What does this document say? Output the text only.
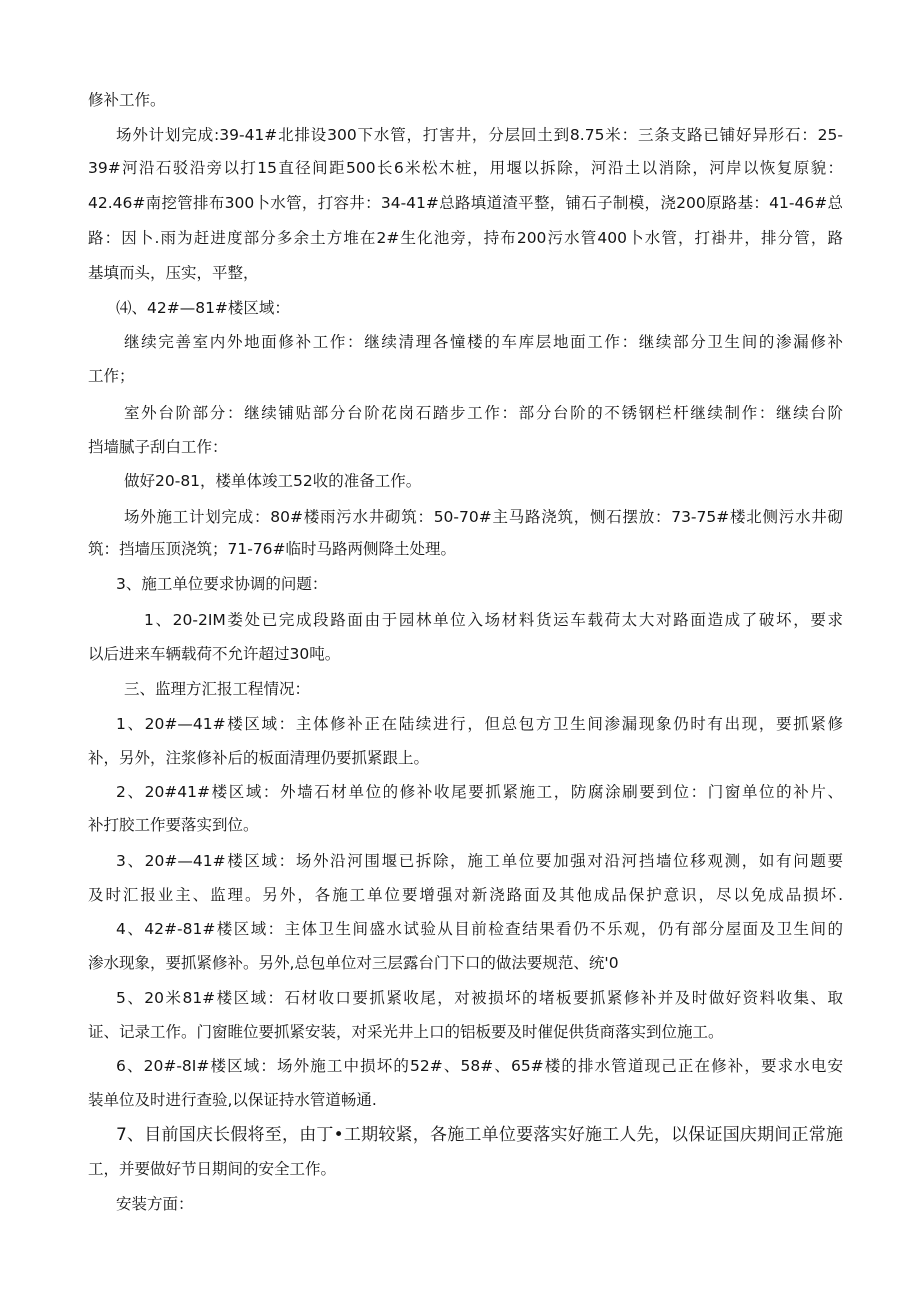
修补工作。

场外计划完成:39-41#北排设300下水管，打害井，分层回土到8.75米：三条支路已铺好异形石：25-

39#河沿石驳沿旁以打15直径间距500长6米松木桩，用堰以拆除，河沿土以消除，河岸以恢复原貌：

42.46#南挖管排布300卜水管，打容井：34-41#总路填道渣平整，铺石子制模，浇200原路基：41-46#总

路：因卜.雨为赶进度部分多余土方堆在2#生化池旁，持布200污水管400卜水管，打褂井，排分管，路

基填而头，压实，平整，

⑷、42#—81#楼区域：

继续完善室内外地面修补工作：继续清理各憧楼的车库层地面工作：继续部分卫生间的渗漏修补

工作；

室外台阶部分：继续铺贴部分台阶花岗石踏步工作：部分台阶的不锈钢栏杆继续制作：继续台阶

挡墙腻子刮白工作：

做好20-81，楼单体竣工52收的准备工作。

场外施工计划完成：80#楼雨污水井砌筑：50-70#主马路浇筑，恻石摆放：73-75#楼北侧污水井砌

筑：挡墙压顶浇筑；71-76#临时马路两侧降土处理。

3、施工单位要求协调的问题：

1、20-2IM娄处已完成段路面由于园林单位入场材料货运车载荷太大对路面造成了破坏，要求

以后进来车辆载荷不允许超过30吨。

三、监理方汇报工程情况：

1、20#—41#楼区域：主体修补正在陆续进行，但总包方卫生间渗漏现象仍时有出现，要抓紧修

补，另外，注浆修补后的板面清理仍要抓紧跟上。

2、20#41#楼区域：外墙石材单位的修补收尾要抓紧施工，防腐涂刷要到位：门窗单位的补片、

补打胶工作要落实到位。

3、20#—41#楼区域：场外沿河围堰已拆除，施工单位要加强对沿河挡墙位移观测，如有问题要

及时汇报业主、监理。另外，各施工单位要增强对新浇路面及其他成品保护意识，尽以免成品损坏.

4、42#-81#楼区域：主体卫生间盛水试验从目前检查结果看仍不乐观，仍有部分屋面及卫生间的

渗水现象，要抓紧修补。另外,总包单位对三层露台门下口的做法要规范、统'0

5、20米81#楼区域：石材收口要抓紧收尾，对被损坏的堵板要抓紧修补并及时做好资料收集、取

证、记录工作。门窗睢位要抓紧安装，对采光井上口的铝板要及时催促供货商落实到位施工。

6、20#-8I#楼区域：场外施工中损坏的52#、58#、65#楼的排水管道现己正在修补，要求水电安

装单位及时进行查验,以保证持水管道畅通.

7、目前国庆长假将至，由丁•工期较紧，各施工单位要落实好施工人先，以保证国庆期间正常施

工，并要做好节日期间的安全工作。

安装方面：
